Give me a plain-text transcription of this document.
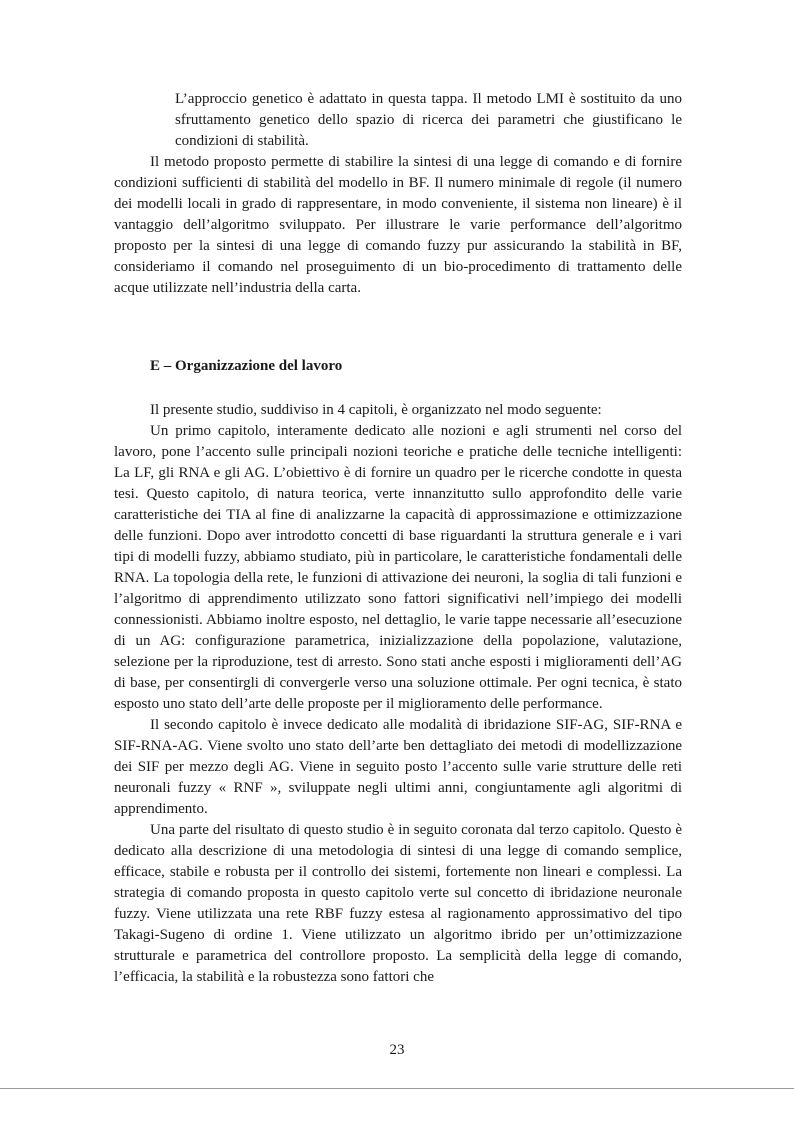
L’approccio genetico è adattato in questa tappa. Il metodo LMI è sostituito da uno sfruttamento genetico dello spazio di ricerca dei parametri che giustificano le condizioni di stabilità.

Il metodo proposto permette di stabilire la sintesi di una legge di comando e di fornire condizioni sufficienti di stabilità del modello in BF. Il numero minimale di regole (il numero dei modelli locali in grado di rappresentare, in modo conveniente, il sistema non lineare) è il vantaggio dell’algoritmo sviluppato. Per illustrare le varie performance dell’algoritmo proposto per la sintesi di una legge di comando fuzzy pur assicurando la stabilità in BF, consideriamo il comando nel proseguimento di un bio-procedimento di trattamento delle acque utilizzate nell’industria della carta.

E – Organizzazione del lavoro

Il presente studio, suddiviso in 4 capitoli, è organizzato nel modo seguente:

Un primo capitolo, interamente dedicato alle nozioni e agli strumenti nel corso del lavoro, pone l’accento sulle principali nozioni teoriche e pratiche delle tecniche intelligenti: La LF, gli RNA e gli AG. L’obiettivo è di fornire un quadro per le ricerche condotte in questa tesi. Questo capitolo, di natura teorica, verte innanzitutto sullo approfondito delle varie caratteristiche dei TIA al fine di analizzarne la capacità di approssimazione e ottimizzazione delle funzioni. Dopo aver introdotto concetti di base riguardanti la struttura generale e i vari tipi di modelli fuzzy, abbiamo studiato, più in particolare, le caratteristiche fondamentali delle RNA. La topologia della rete, le funzioni di attivazione dei neuroni, la soglia di tali funzioni e l’algoritmo di apprendimento utilizzato sono fattori significativi nell’impiego dei modelli connessionisti. Abbiamo inoltre esposto, nel dettaglio, le varie tappe necessarie all’esecuzione di un AG: configurazione parametrica, inizializzazione della popolazione, valutazione, selezione per la riproduzione, test di arresto. Sono stati anche esposti i miglioramenti dell’AG di base, per consentirgli di convergerle verso una soluzione ottimale. Per ogni tecnica, è stato esposto uno stato dell’arte delle proposte per il miglioramento delle performance.

Il secondo capitolo è invece dedicato alle modalità di ibridazione SIF-AG, SIF-RNA e SIF-RNA-AG. Viene svolto uno stato dell’arte ben dettagliato dei metodi di modellizzazione dei SIF per mezzo degli AG. Viene in seguito posto l’accento sulle varie strutture delle reti neuronali fuzzy « RNF », sviluppate negli ultimi anni, congiuntamente agli algoritmi di apprendimento.

Una parte del risultato di questo studio è in seguito coronata dal terzo capitolo. Questo è dedicato alla descrizione di una metodologia di sintesi di una legge di comando semplice, efficace, stabile e robusta per il controllo dei sistemi, fortemente non lineari e complessi. La strategia di comando proposta in questo capitolo verte sul concetto di ibridazione neuronale fuzzy. Viene utilizzata una rete RBF fuzzy estesa al ragionamento approssimativo del tipo Takagi-Sugeno di ordine 1. Viene utilizzato un algoritmo ibrido per un’ottimizzazione strutturale e parametrica del controllore proposto. La semplicità della legge di comando, l’efficacia, la stabilità e la robustezza sono fattori che

23
